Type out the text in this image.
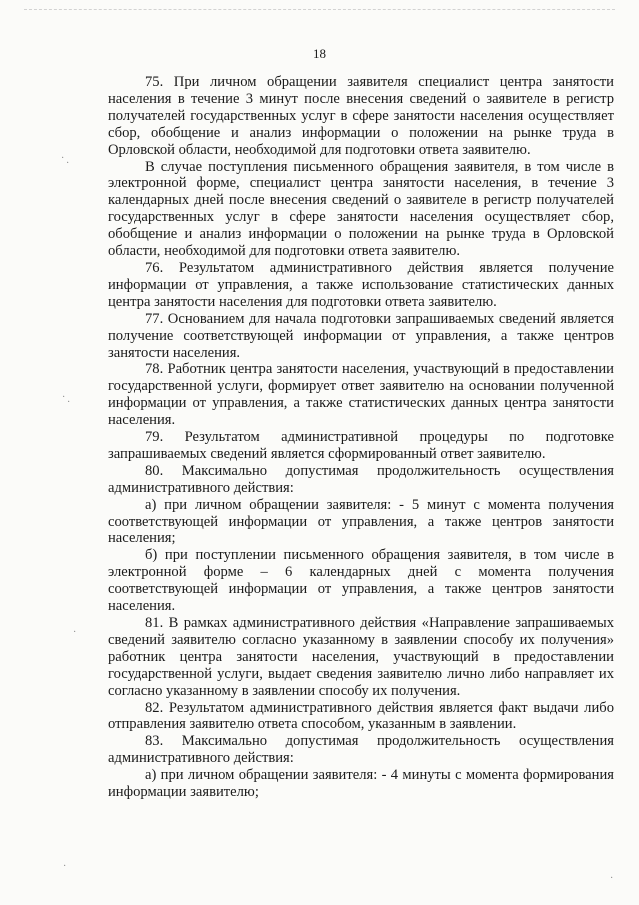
18

75. При личном обращении заявителя специалист центра занятости населения в течение 3 минут после внесения сведений о заявителе в регистр получателей государственных услуг в сфере занятости населения осуществляет сбор, обобщение и анализ информации о положении на рынке труда в Орловской области, необходимой для подготовки ответа заявителю.

В случае поступления письменного обращения заявителя, в том числе в электронной форме, специалист центра занятости населения, в течение 3 календарных дней после внесения сведений о заявителе в регистр получателей государственных услуг в сфере занятости населения осуществляет сбор, обобщение и анализ информации о положении на рынке труда в Орловской области, необходимой для подготовки ответа заявителю.

76. Результатом административного действия является получение информации от управления, а также использование статистических данных центра занятости населения для подготовки ответа заявителю.

77. Основанием для начала подготовки запрашиваемых сведений является получение соответствующей информации от управления, а также центров занятости населения.

78. Работник центра занятости населения, участвующий в предоставлении государственной услуги, формирует ответ заявителю на основании полученной информации от управления, а также статистических данных центра занятости населения.

79. Результатом административной процедуры по подготовке запрашиваемых сведений является сформированный ответ заявителю.

80. Максимально допустимая продолжительность осуществления административного действия:

а) при личном обращении заявителя: - 5 минут с момента получения соответствующей информации от управления, а также центров занятости населения;

б) при поступлении письменного обращения заявителя, в том числе в электронной форме – 6 календарных дней с момента получения соответствующей информации от управления, а также центров занятости населения.

81. В рамках административного действия «Направление запрашиваемых сведений заявителю согласно указанному в заявлении способу их получения» работник центра занятости населения, участвующий в предоставлении государственной услуги, выдает сведения заявителю лично либо направляет их согласно указанному в заявлении способу их получения.

82. Результатом административного действия является факт выдачи либо отправления заявителю ответа способом, указанным в заявлении.

83. Максимально допустимая продолжительность осуществления административного действия:

а) при личном обращении заявителя: - 4 минуты с момента формирования информации заявителю;

· ·
· ·
·
·
·
